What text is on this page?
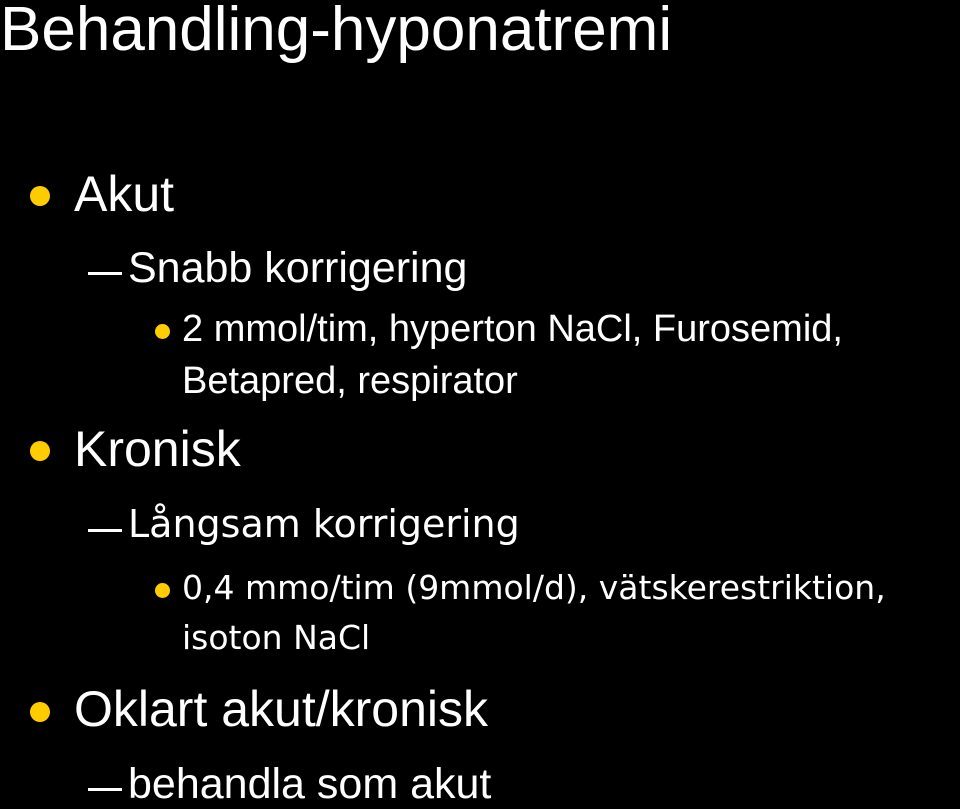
Behandling-hyponatremi
Akut
Snabb korrigering
2 mmol/tim, hyperton NaCl, Furosemid,
Betapred, respirator
Kronisk
Långsam korrigering
0,4 mmo/tim (9mmol/d), vätskerestriktion,
isoton NaCl
Oklart akut/kronisk
behandla som akut
